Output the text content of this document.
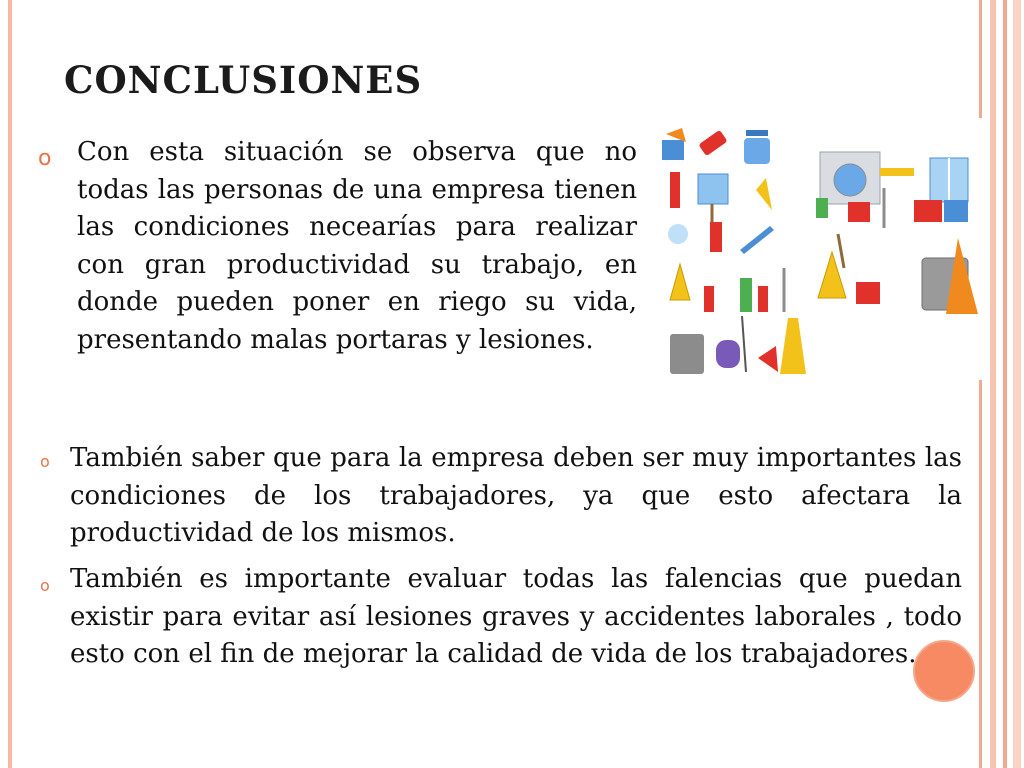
CONCLUSIONES
o Con esta situación se observa que no todas las personas de una empresa tienen las condiciones necearías para realizar con gran productividad su trabajo, en donde pueden poner en riego su vida, presentando malas portaras y lesiones.

o También saber que para la empresa deben ser muy importantes las condiciones de los trabajadores, ya que esto afectara la productividad de los mismos.

o También es importante evaluar todas las falencias que puedan existir para evitar así lesiones graves y accidentes laborales , todo esto con el fin de mejorar la calidad de vida de los trabajadores.
